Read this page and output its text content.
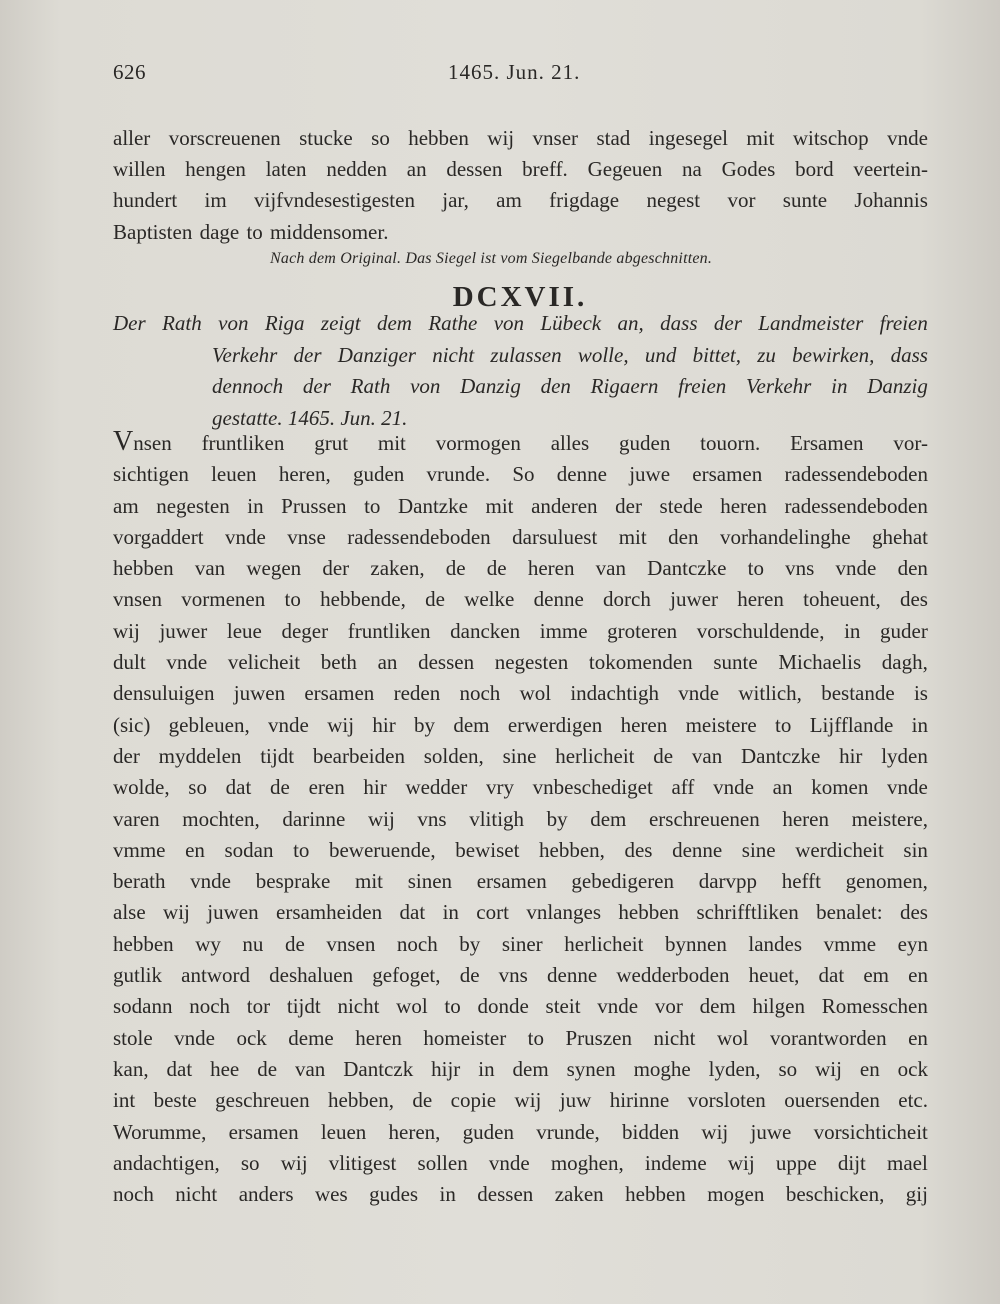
626	1465. Jun. 21.
aller vorscreuenen stucke so hebben wij vnser stad ingesegel mit witschop vnde
willen hengen laten nedden an dessen breff. Gegeuen na Godes bord veertein-
hundert im vijfvndesestigesten jar, am frigdage negest vor sunte Johannis
Baptisten dage to middensomer.
Nach dem Original. Das Siegel ist vom Siegelbande abgeschnitten.
DCXVII.
Der Rath von Riga zeigt dem Rathe von Lübeck an, dass der Landmeister freien
Verkehr der Danziger nicht zulassen wolle, und bittet, zu bewirken, dass
dennoch der Rath von Danzig den Rigaern freien Verkehr in Danzig
gestatte. 1465. Jun. 21.
V nsen fruntliken grut mit vormogen alles guden touorn. Ersamen vor-
sichtigen leuen heren, guden vrunde. So denne juwe ersamen radessendeboden
am negesten in Prussen to Dantzke mit anderen der stede heren radessendeboden
vorgaddert vnde vnse radessendeboden darsuluest mit den vorhandelinghe ghehat
hebben van wegen der zaken, de de heren van Dantczke to vns vnde den
vnsen vormenen to hebbende, de welke denne dorch juwer heren toheuent, des
wij juwer leue deger fruntliken dancken imme groteren vorschuldende, in guder
dult vnde velicheit beth an dessen negesten tokomenden sunte Michaelis dagh,
densuluigen juwen ersamen reden noch wol indachtigh vnde witlich, bestande is
(sic) gebleuen, vnde wij hir by dem erwerdigen heren meistere to Lijfflande in
der myddelen tijdt bearbeiden solden, sine herlicheit de van Dantczke hir lyden
wolde, so dat de eren hir wedder vry vnbeschediget aff vnde an komen vnde
varen mochten, darinne wij vns vlitigh by dem erschreuenen heren meistere,
vmme en sodan to beweruende, bewiset hebben, des denne sine werdicheit sin
berath vnde besprake mit sinen ersamen gebedigeren darvpp hefft genomen,
alse wij juwen ersamheiden dat in cort vnlanges hebben schrifftliken benalet: des
hebben wy nu de vnsen noch by siner herlicheit bynnen landes vmme eyn
gutlik antword deshaluen gefoget, de vns denne wedderboden heuet, dat em en
sodann noch tor tijdt nicht wol to donde steit vnde vor dem hilgen Romesschen
stole vnde ock deme heren homeister to Pruszen nicht wol vorantworden en
kan, dat hee de van Dantczk hijr in dem synen moghe lyden, so wij en ock
int beste geschreuen hebben, de copie wij juw hirinne vorsloten ouersenden etc.
Worumme, ersamen leuen heren, guden vrunde, bidden wij juwe vorsichticheit
andachtigen, so wij vlitigest sollen vnde moghen, indeme wij uppe dijt mael
noch nicht anders wes gudes in dessen zaken hebben mogen beschicken, gij
